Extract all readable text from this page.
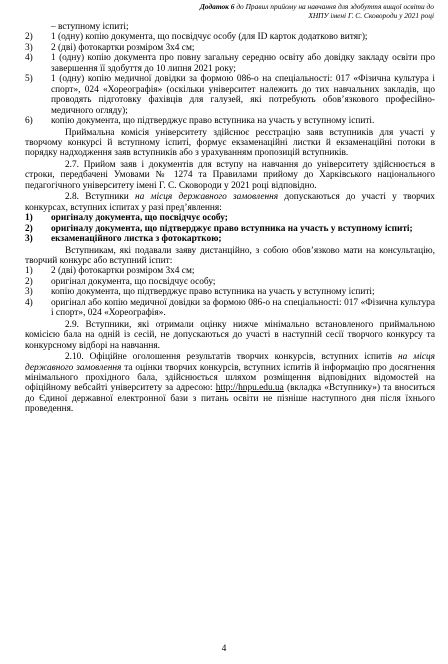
Додаток 6 до Правил прийому на навчання для здобуття вищої освіти до ХНПУ імені Г. С. Сковороди у 2021 році
– вступному іспиті;
2)	1 (одну) копію документа, що посвідчує особу (для ID карток додатково витяг);
3)	2 (дві) фотокартки розміром 3х4 см;
4)	1 (одну) копію документа про повну загальну середню освіту або довідку закладу освіти про завершення її здобуття до 10 липня 2021 року;
5)	1 (одну) копію медичної довідки за формою 086-о на спеціальності: 017 «Фізична культура і спорт», 024 «Хореографія» (оскільки університет належить до тих навчальних закладів, що проводять підготовку фахівців для галузей, які потребують обов’язкового професійно-медичного огляду);
6)	копію документа, що підтверджує право вступника на участь у вступному іспиті.
Приймальна комісія університету здійснює реєстрацію заяв вступників для участі у творчому конкурсі й вступному іспиті, формує екзаменаційні листки й екзаменаційні потоки в порядку надходження заяв вступників або з урахуванням пропозицій вступників.
2.7. Прийом заяв і документів для вступу на навчання до університету здійснюється в строки, передбачені Умовами № 1274 та Правилами прийому до Харківського національного педагогічного університету імені Г. С. Сковороди у 2021 році відповідно.
2.8. Вступники на місця державного замовлення допускаються до участі у творчих конкурсах, вступних іспитах у разі пред’явлення:
1)	оригіналу документа, що посвідчує особу;
2)	оригіналу документа, що підтверджує право вступника на участь у вступному іспиті;
3)	екзаменаційного листка з фотокарткою;
Вступникам, які подавали заяву дистанційно, з собою обов’язково мати на консультацію, творчий конкурс або вступний іспит:
1)	2 (дві) фотокартки розміром 3х4 см;
2)	оригінал документа, що посвідчує особу;
3)	копію документа, що підтверджує право вступника на участь у вступному іспиті;
4)	оригінал або копію медичної довідки за формою 086-о на спеціальності: 017 «Фізична культура і спорт», 024 «Хореографія».
2.9. Вступники, які отримали оцінку нижче мінімально встановленого приймальною комісією бала на одній із сесій, не допускаються до участі в наступній сесії творчого конкурсу та конкурсному відборі на навчання.
2.10. Офіційне оголошення результатів творчих конкурсів, вступних іспитів на місця державного замовлення та оцінки творчих конкурсів, вступних іспитів й інформацію про досягнення мінімального прохідного бала, здійснюється шляхом розміщення відповідних відомостей на офіційному вебсайті університету за адресою: http://hnpu.edu.ua (вкладка «Вступнику») та вноситься до Єдиної державної електронної бази з питань освіти не пізніше наступного дня після їхнього проведення.
4
